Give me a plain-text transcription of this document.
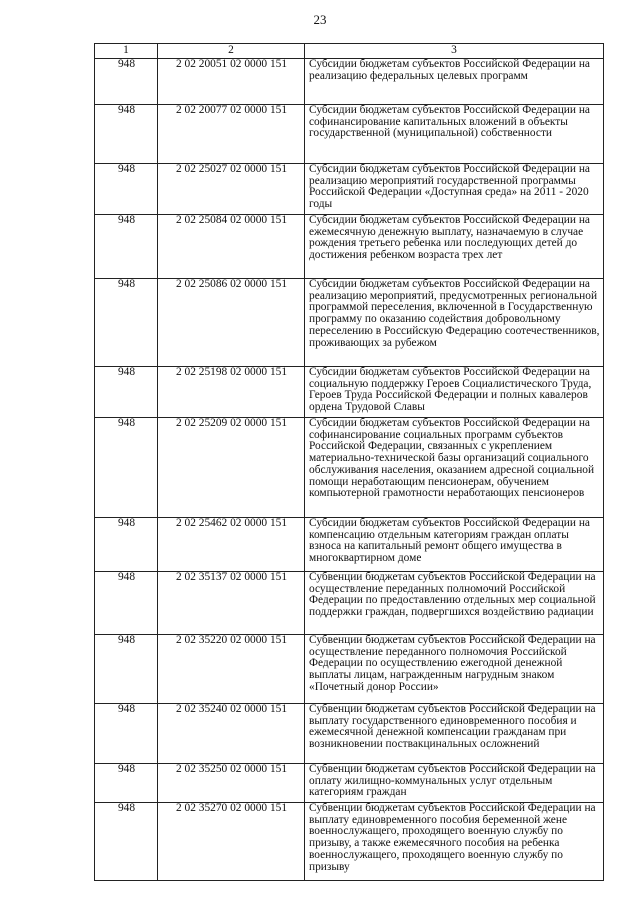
23
1	2	3
948	2 02 20051 02 0000 151	Субсидии бюджетам субъектов Российской Федерации на реализацию федеральных целевых программ
948	2 02 20077 02 0000 151	Субсидии бюджетам субъектов Российской Федерации на софинансирование капитальных вложений в объекты государственной (муниципальной) собственности
948	2 02 25027 02 0000 151	Субсидии бюджетам субъектов Российской Федерации на реализацию мероприятий государственной программы Российской Федерации «Доступная среда» на 2011 - 2020 годы
948	2 02 25084 02 0000 151	Субсидии бюджетам субъектов Российской Федерации на ежемесячную денежную выплату, назначаемую в случае рождения третьего ребенка или последующих детей до достижения ребенком возраста трех лет
948	2 02 25086 02 0000 151	Субсидии бюджетам субъектов Российской Федерации на реализацию мероприятий, предусмотренных региональной программой переселения, включенной в Государственную программу по оказанию содействия добровольному переселению в Российскую Федерацию соотечественников, проживающих за рубежом
948	2 02 25198 02 0000 151	Субсидии бюджетам субъектов Российской Федерации на социальную поддержку Героев Социалистического Труда, Героев Труда Российской Федерации и полных кавалеров ордена Трудовой Славы
948	2 02 25209 02 0000 151	Субсидии бюджетам субъектов Российской Федерации на софинансирование социальных программ субъектов Российской Федерации, связанных с укреплением материально-технической базы организаций социального обслуживания населения, оказанием адресной социальной помощи неработающим пенсионерам, обучением компьютерной грамотности неработающих пенсионеров
948	2 02 25462 02 0000 151	Субсидии бюджетам субъектов Российской Федерации на компенсацию отдельным категориям граждан оплаты взноса на капитальный ремонт общего имущества в многоквартирном доме
948	2 02 35137 02 0000 151	Субвенции бюджетам субъектов Российской Федерации на осуществление переданных полномочий Российской Федерации по предоставлению отдельных мер социальной поддержки граждан, подвергшихся воздействию радиации
948	2 02 35220 02 0000 151	Субвенции бюджетам субъектов Российской Федерации на осуществление переданного полномочия Российской Федерации по осуществлению ежегодной денежной выплаты лицам, награжденным нагрудным знаком «Почетный донор России»
948	2 02 35240 02 0000 151	Субвенции бюджетам субъектов Российской Федерации на выплату государственного единовременного пособия и ежемесячной денежной компенсации гражданам при возникновении поствакцинальных осложнений
948	2 02 35250 02 0000 151	Субвенции бюджетам субъектов Российской Федерации на оплату жилищно-коммунальных услуг отдельным категориям граждан
948	2 02 35270 02 0000 151	Субвенции бюджетам субъектов Российской Федерации на выплату единовременного пособия беременной жене военнослужащего, проходящего военную службу по призыву, а также ежемесячного пособия на ребенка военнослужащего, проходящего военную службу по призыву
